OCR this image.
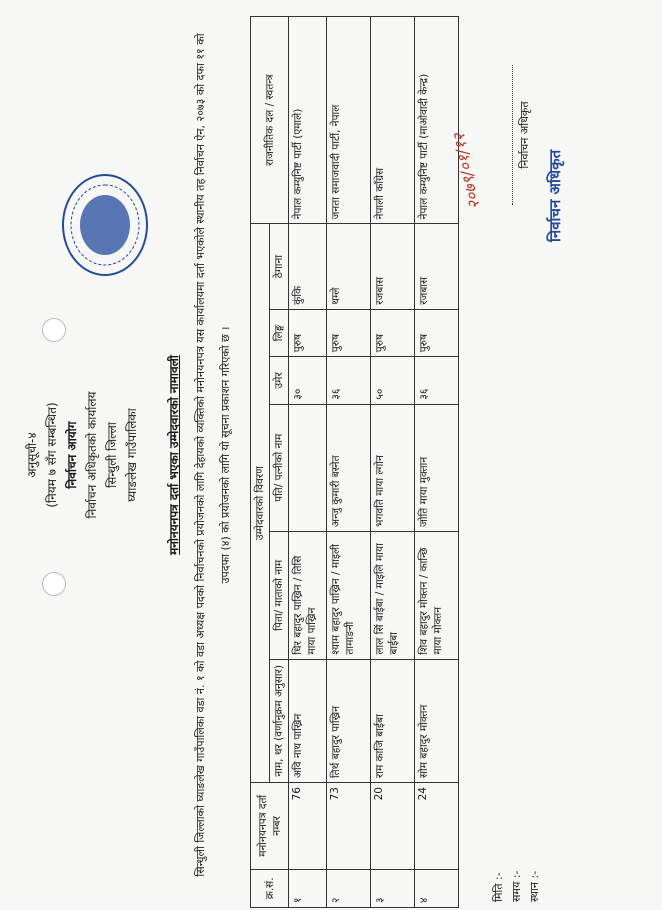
अनुसूची-४ (नियम ७ सँग सम्बन्धित) निर्वाचन आयोग निर्वाचन अधिकृतको कार्यालय सिन्धुली जिल्ला घ्याङलेख गाउँपालिका मनोनयनपत्र दर्ता भएका उम्मेदवारको नामावली	सिन्धुली जिल्लाको घ्याङलेख गाउँपालिका वडा नं. १ को वडा अध्यक्ष पदको निर्वाचनको प्रयोजनको लागि देहायको व्यक्तिको मनोनयनपत्र यस कार्यालयमा दर्ता भएकोले स्थानीय तह निर्वाचन ऐन, २०७३ को दफा ११ को उपदफा (४) को प्रयोजनको लागि यो सूचना प्रकाशन गरिएको छ ।
क्र.सं.	मनोनयनपत्र दर्ता नम्बर	उम्मेदवारको विवरण						राजनीतिक दल / स्वतन्त्र
		नाम, थर (वर्णानुक्रम अनुसार)	पिता/ माताको नाम	पति/ पत्नीको नाम	उमेर	लिङ्ग	ठेगाना	
१	76	अवि नाथ पाख्रिन	धिर बहादुर पाख्रिन / तिसि माया पाख्रिन		३०	पुरुष	कुंकि	नेपाल कम्युनिष्ट पार्टी (एमाले)
२	73	तिर्थ बहादुर पाख्रिन	श्याम बहादुर पाख्रिन / माइली तामाङनी	अन्जु कुमारी बस्नेत	३६	पुरुष	थम्ले	जनता समाजवादी पार्टी, नेपाल
३	20	राम काजि बाईबा	लाल सिं बाईबा / माइलि माया बाईबा	भगवति माया ल्गोन	५०	पुरुष	रजबास	नेपाली काँग्रेस
४	24	सोम बहादुर मोक्तन	शिव बहादुर मोक्तन / कान्छि माया मोक्तन	जोति माया मुक्तान	३६	पुरुष	रजबास	नेपाल कम्युनिष्ट पार्टी (माओवादी केन्द्र)
मिति :- समय :- स्थान :-
२०७९/०१/१२	निर्वाचन अधिकृत
निर्वाचन अधिकृत
